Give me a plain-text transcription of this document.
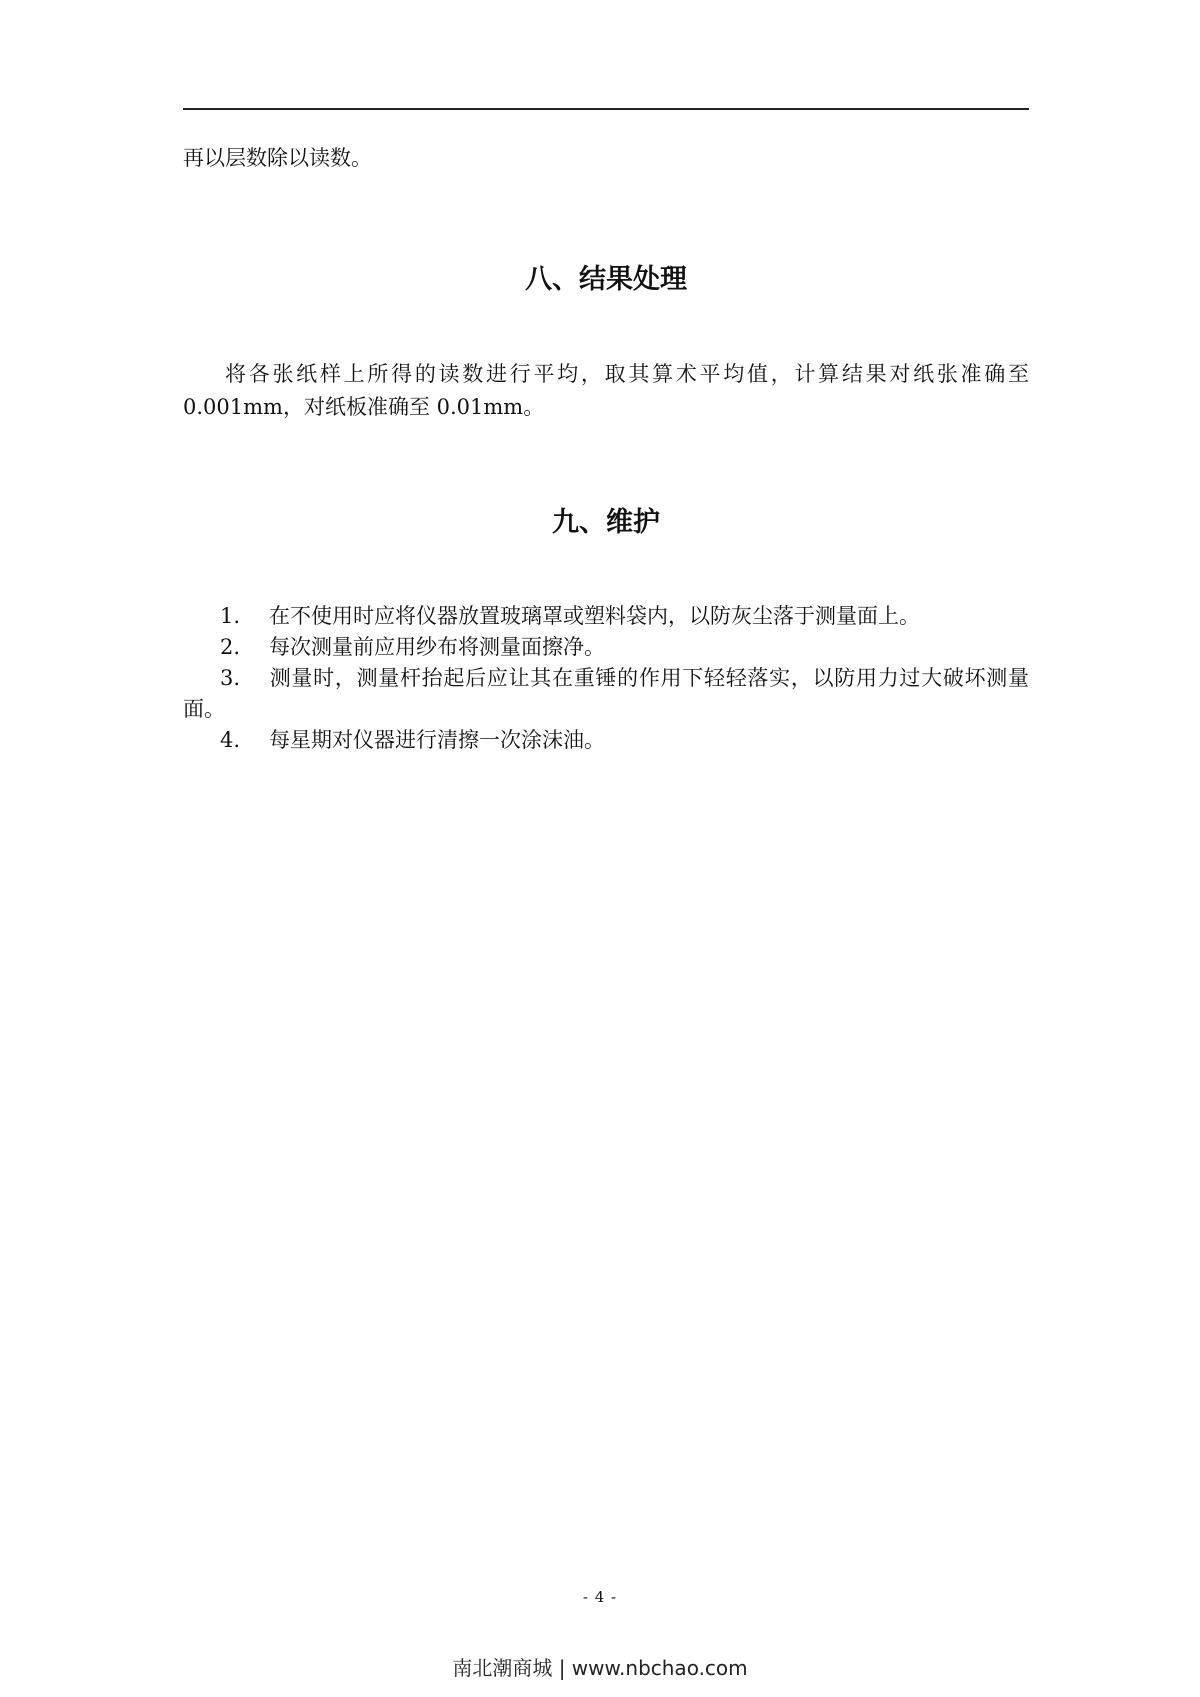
再以层数除以读数。

八、结果处理

将各张纸样上所得的读数进行平均，取其算术平均值，计算结果对纸张准确至 0.001mm，对纸板准确至 0.01mm。

九、维护

1. 在不使用时应将仪器放置玻璃罩或塑料袋内，以防灰尘落于测量面上。

2. 每次测量前应用纱布将测量面擦净。

3. 测量时，测量杆抬起后应让其在重锤的作用下轻轻落实，以防用力过大破坏测量面。

4. 每星期对仪器进行清擦一次涂沫油。

- 4 -
南北潮商城 | www.nbchao.com
